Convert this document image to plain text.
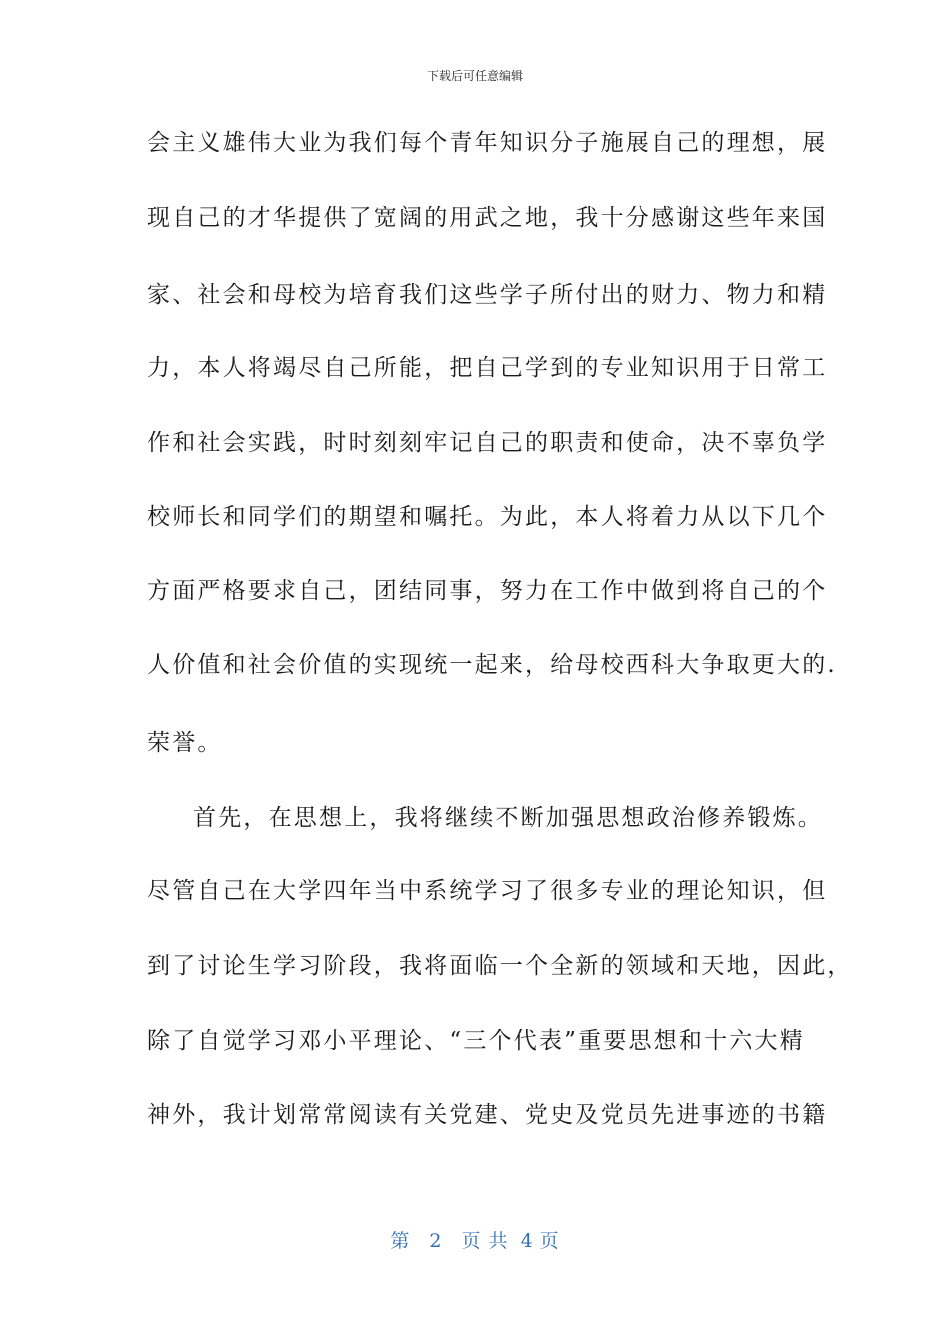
下载后可任意编辑
会主义雄伟大业为我们每个青年知识分子施展自己的理想，展
现自己的才华提供了宽阔的用武之地，我十分感谢这些年来国
家、社会和母校为培育我们这些学子所付出的财力、物力和精
力，本人将竭尽自己所能，把自己学到的专业知识用于日常工
作和社会实践，时时刻刻牢记自己的职责和使命，决不辜负学
校师长和同学们的期望和嘱托。为此，本人将着力从以下几个
方面严格要求自己，团结同事，努力在工作中做到将自己的个
人价值和社会价值的实现统一起来，给母校西科大争取更大的.
荣誉。
首先，在思想上，我将继续不断加强思想政治修养锻炼。
尽管自己在大学四年当中系统学习了很多专业的理论知识，但
到了讨论生学习阶段，我将面临一个全新的领域和天地，因此，
除了自觉学习邓小平理论、“三个代表”重要思想和十六大精
神外，我计划常常阅读有关党建、党史及党员先进事迹的书籍
第 2 页 共 4 页
